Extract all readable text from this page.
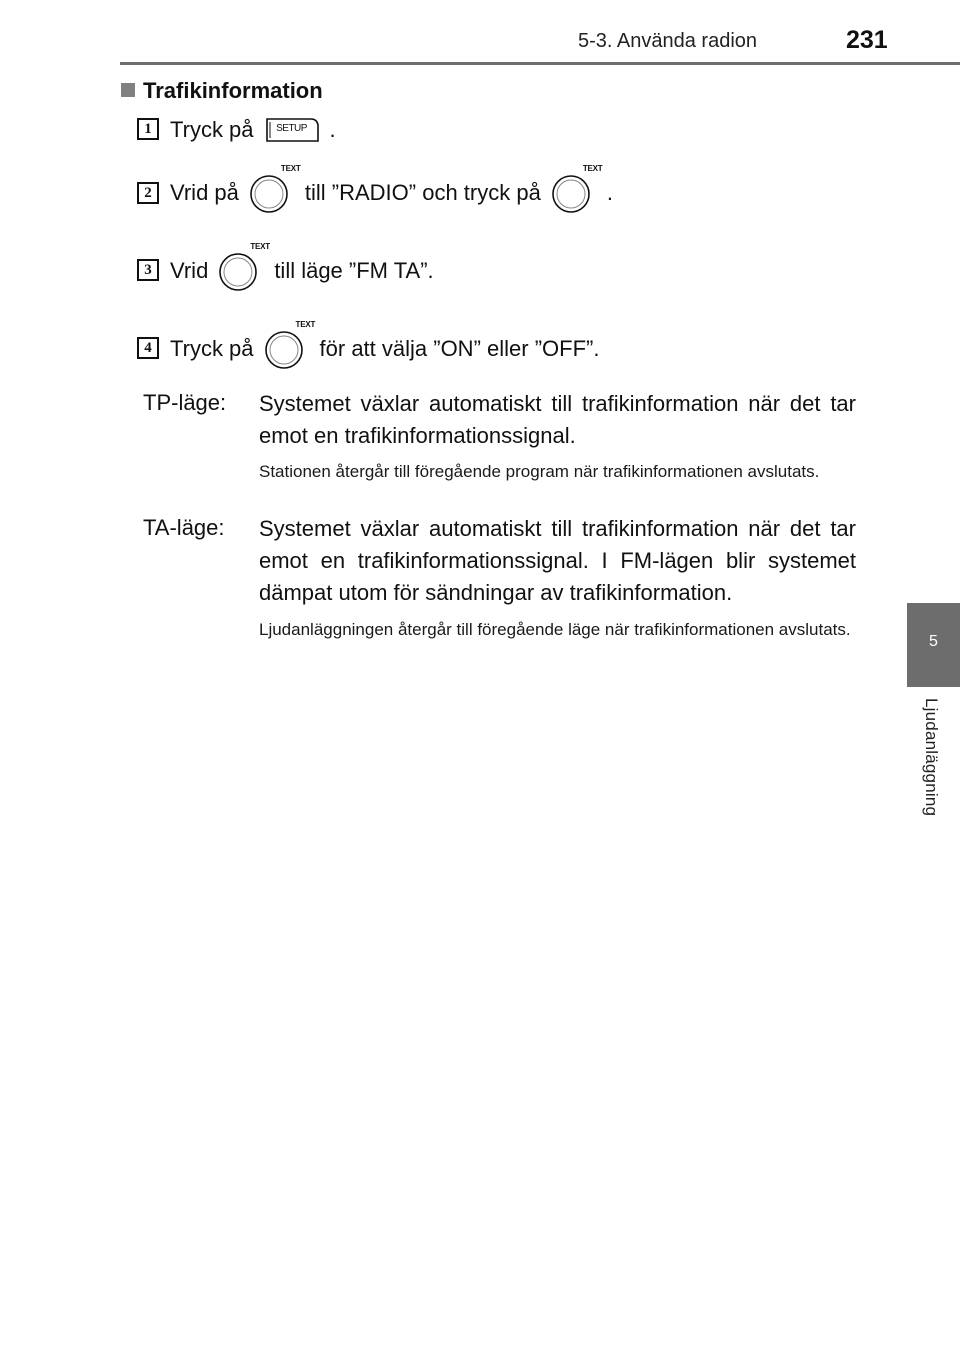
5-3. Använda radion	231
5
Ljudanläggning
Trafikinformation
1 Tryck på	SETUP	.
2 Vrid på
TEXT
till ”RADIO” och tryck på
TEXT
.
3 Vrid
TEXT
till läge ”FM TA”.
4 Tryck på
TEXT
för att välja ”ON” eller ”OFF”.
TP-läge: Systemet växlar automatiskt till trafikinformation när det tar emot en trafikinformationssignal.
Stationen återgår till föregående program när trafikinformationen avslutats.
TA-läge: Systemet växlar automatiskt till trafikinformation när det tar emot en trafikinformationssignal. I FM-lägen blir systemet dämpat utom för sändningar av trafikinformation.
Ljudanläggningen återgår till föregående läge när trafikinformationen avslutats.
